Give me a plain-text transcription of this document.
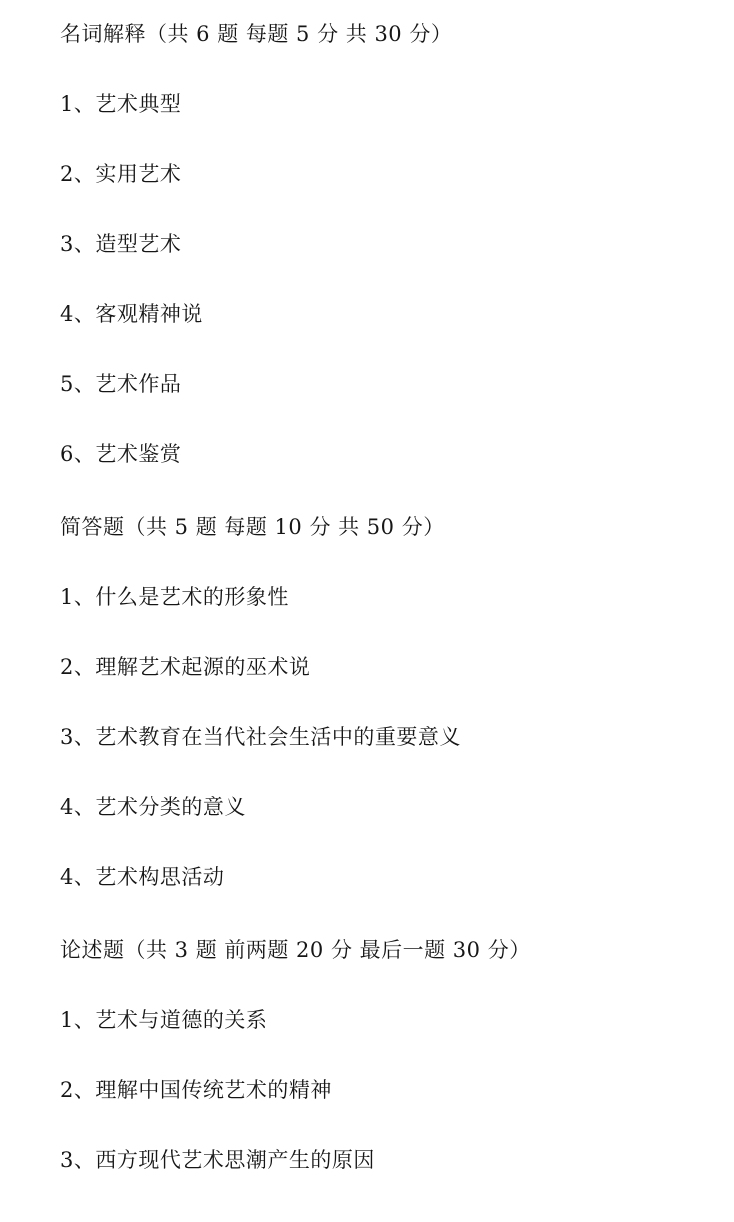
名词解释（共 6 题 每题 5 分 共 30 分）

1、艺术典型

2、实用艺术

3、造型艺术

4、客观精神说

5、艺术作品

6、艺术鉴赏

简答题（共 5 题 每题 10 分 共 50 分）

1、什么是艺术的形象性

2、理解艺术起源的巫术说

3、艺术教育在当代社会生活中的重要意义

4、艺术分类的意义

4、艺术构思活动

论述题（共 3 题 前两题 20 分 最后一题 30 分）

1、艺术与道德的关系

2、理解中国传统艺术的精神

3、西方现代艺术思潮产生的原因
